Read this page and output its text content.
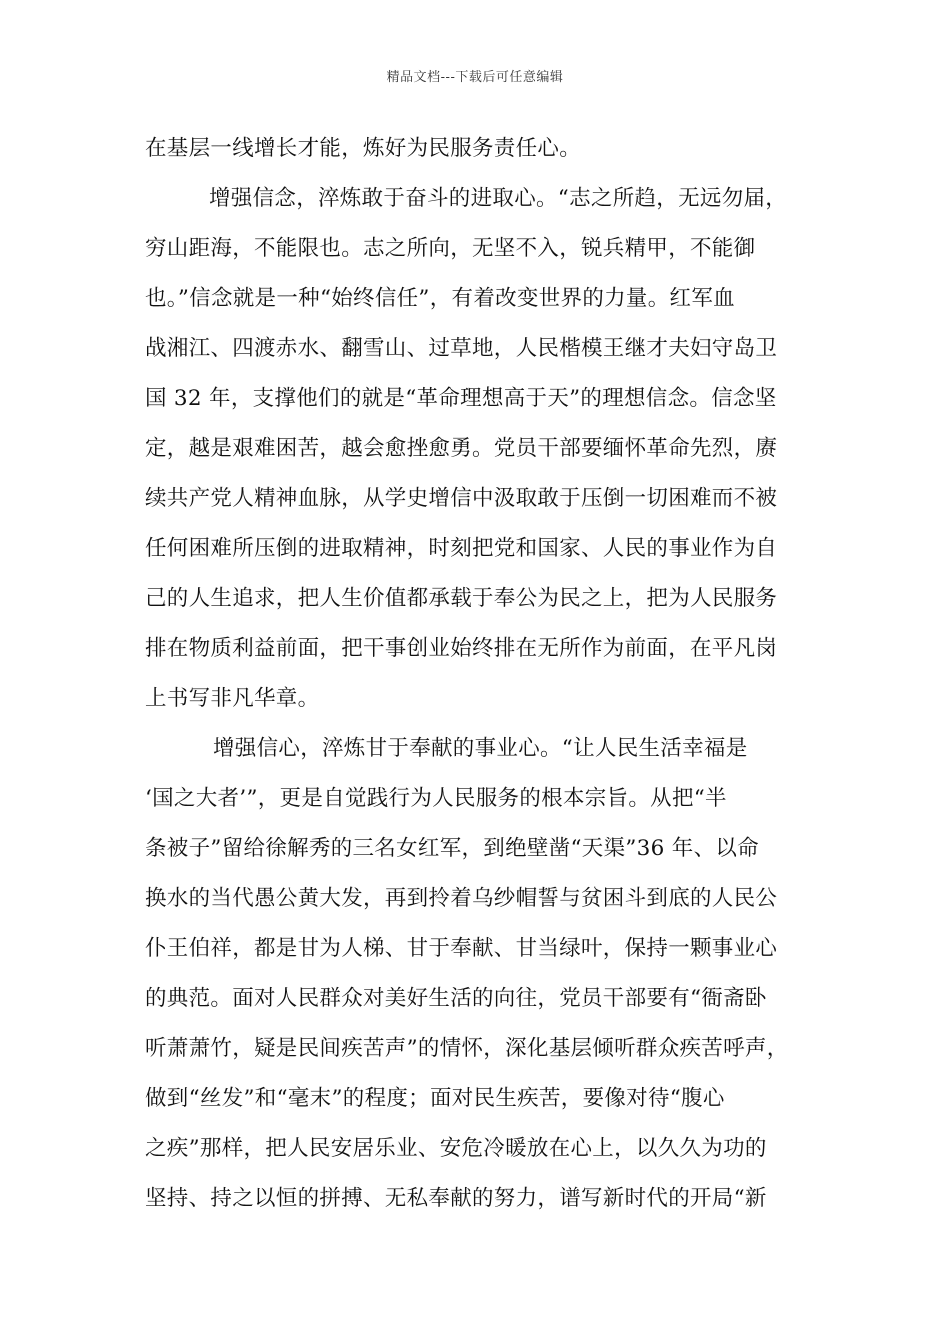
精品文档---下载后可任意编辑
在基层一线增长才能，炼好为民服务责任心。
增强信念，淬炼敢于奋斗的进取心。“志之所趋，无远勿届，
穷山距海，不能限也。志之所向，无坚不入，锐兵精甲，不能御
也。”信念就是一种“始终信任”，有着改变世界的力量。红军血
战湘江、四渡赤水、翻雪山、过草地，人民楷模王继才夫妇守岛卫
国 32 年，支撑他们的就是“革命理想高于天”的理想信念。信念坚
定，越是艰难困苦，越会愈挫愈勇。党员干部要缅怀革命先烈，赓
续共产党人精神血脉，从学史增信中汲取敢于压倒一切困难而不被
任何困难所压倒的进取精神，时刻把党和国家、人民的事业作为自
己的人生追求，把人生价值都承载于奉公为民之上，把为人民服务
排在物质利益前面，把干事创业始终排在无所作为前面，在平凡岗
上书写非凡华章。
增强信心，淬炼甘于奉献的事业心。“让人民生活幸福是
‘国之大者’”，更是自觉践行为人民服务的根本宗旨。从把“半
条被子”留给徐解秀的三名女红军，到绝壁凿“天渠”36 年、以命
换水的当代愚公黄大发，再到拎着乌纱帽誓与贫困斗到底的人民公
仆王伯祥，都是甘为人梯、甘于奉献、甘当绿叶，保持一颗事业心
的典范。面对人民群众对美好生活的向往，党员干部要有“衙斋卧
听萧萧竹，疑是民间疾苦声”的情怀，深化基层倾听群众疾苦呼声，
做到“丝发”和“毫末”的程度；面对民生疾苦，要像对待“腹心
之疾”那样，把人民安居乐业、安危冷暖放在心上，以久久为功的
坚持、持之以恒的拼搏、无私奉献的努力，谱写新时代的开局“新
